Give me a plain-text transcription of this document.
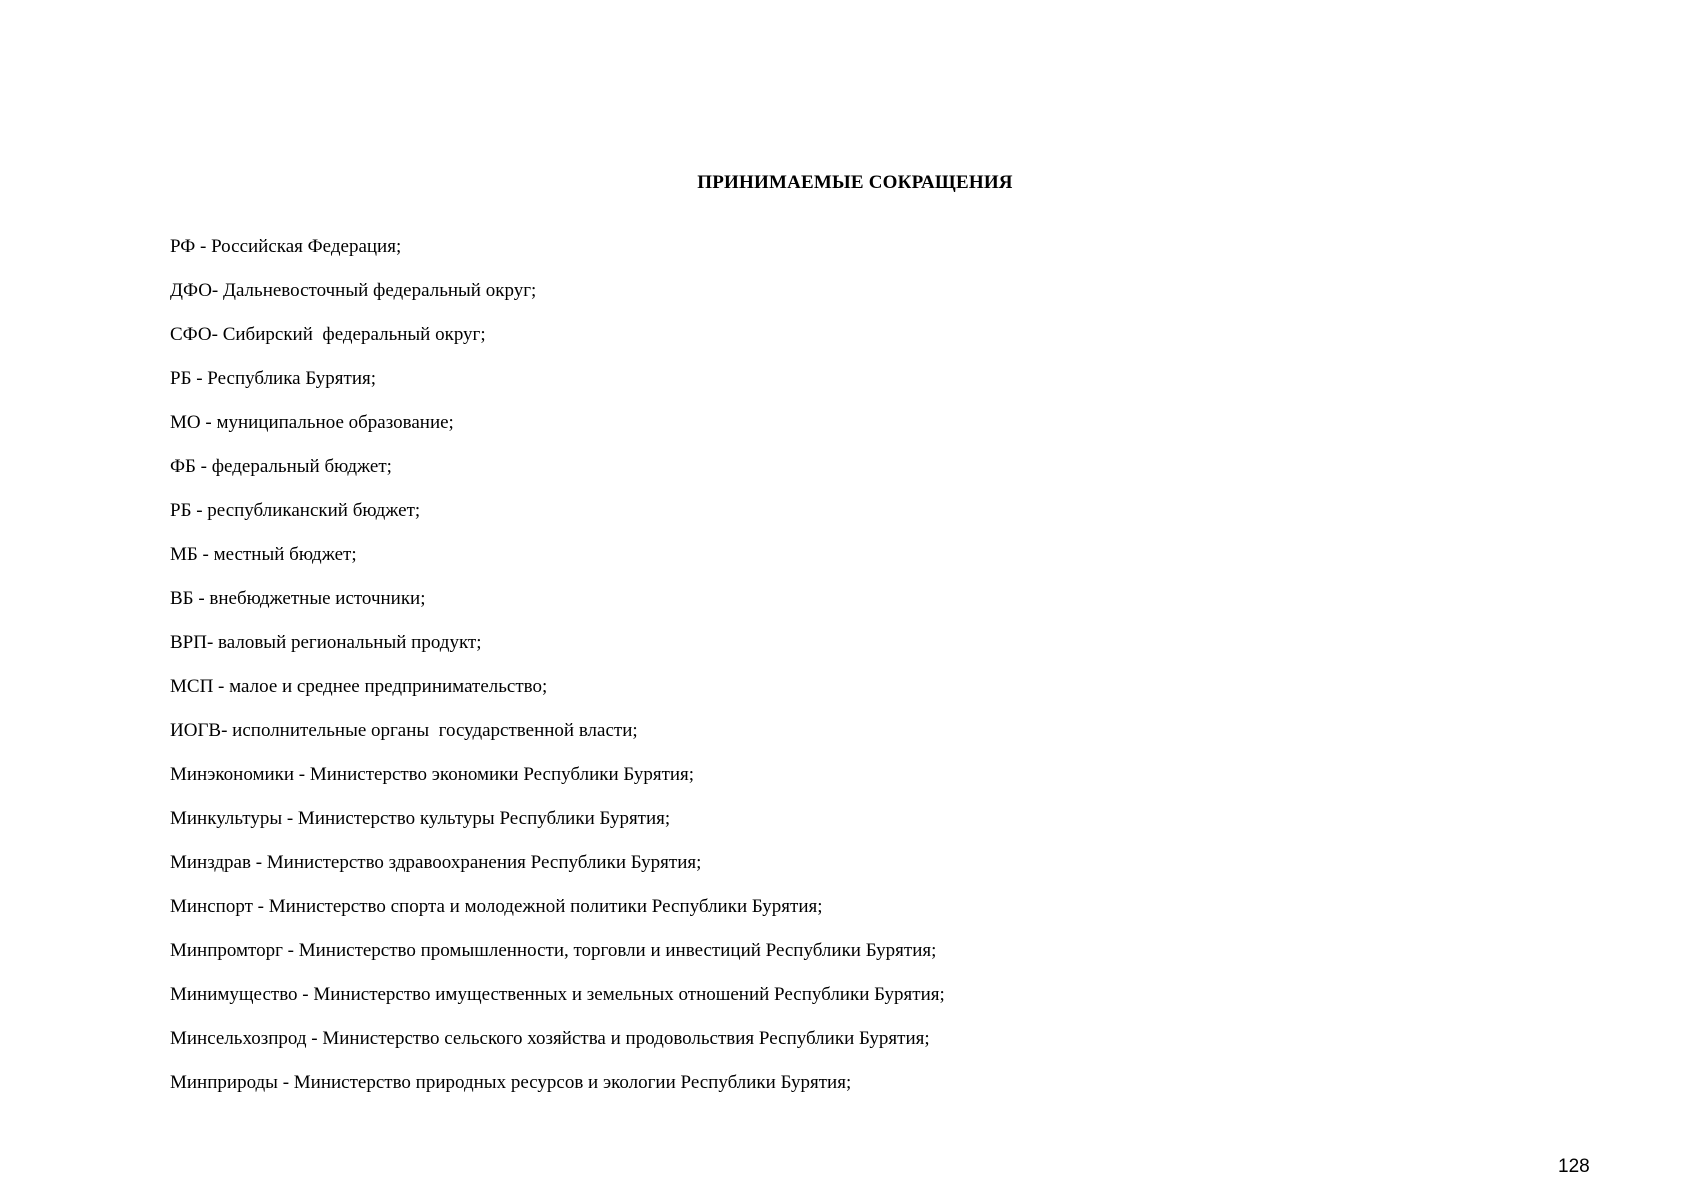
ПРИНИМАЕМЫЕ СОКРАЩЕНИЯ
РФ - Российская Федерация;
ДФО- Дальневосточный федеральный округ;
СФО- Сибирский  федеральный округ;
РБ - Республика Бурятия;
МО - муниципальное образование;
ФБ - федеральный бюджет;
РБ - республиканский бюджет;
МБ - местный бюджет;
ВБ - внебюджетные источники;
ВРП- валовый региональный продукт;
МСП - малое и среднее предпринимательство;
ИОГВ- исполнительные органы  государственной власти;
Минэкономики - Министерство экономики Республики Бурятия;
Минкультуры - Министерство культуры Республики Бурятия;
Минздрав - Министерство здравоохранения Республики Бурятия;
Минспорт - Министерство спорта и молодежной политики Республики Бурятия;
Минпромторг - Министерство промышленности, торговли и инвестиций Республики Бурятия;
Минимущество - Министерство имущественных и земельных отношений Республики Бурятия;
Минсельхозпрод - Министерство сельского хозяйства и продовольствия Республики Бурятия;
Минприроды - Министерство природных ресурсов и экологии Республики Бурятия;
128
